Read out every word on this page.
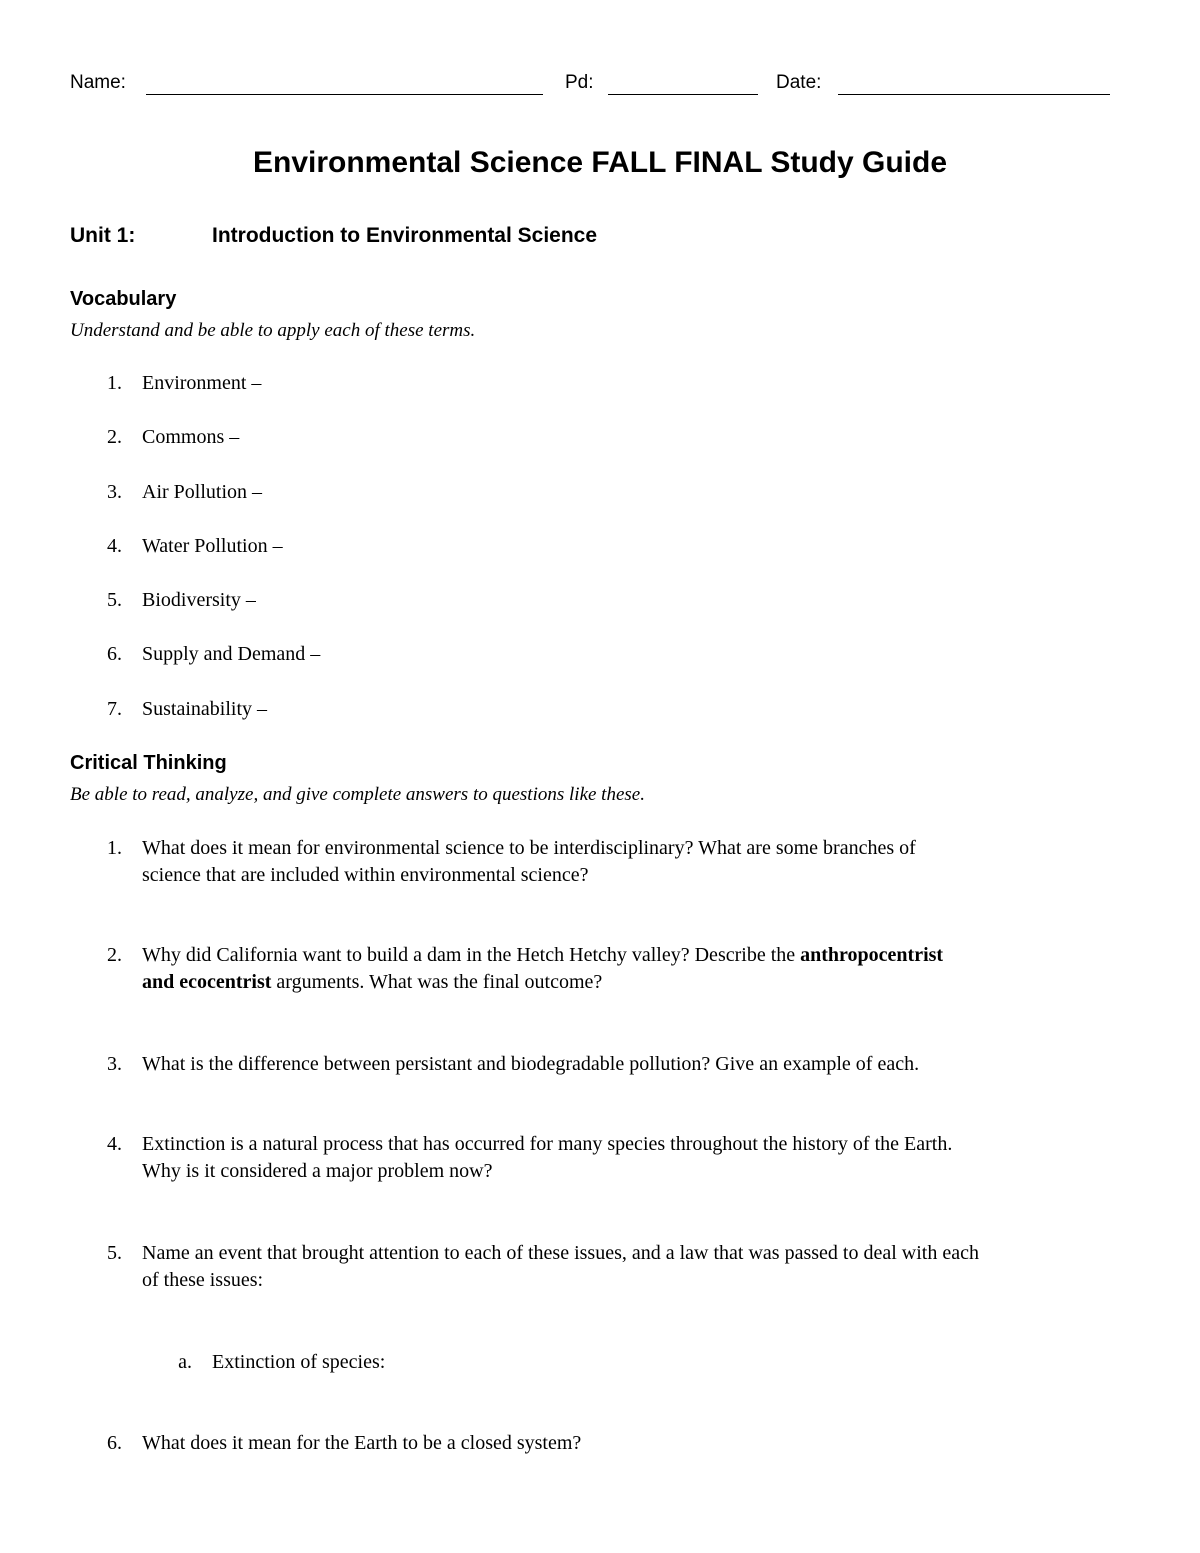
Name:	Pd:	Date:
Environmental Science FALL FINAL Study Guide
Unit 1:	Introduction to Environmental Science
Vocabulary
Understand and be able to apply each of these terms.
1. Environment –
2. Commons –
3. Air Pollution –
4. Water Pollution –
5. Biodiversity –
6. Supply and Demand –
7. Sustainability –
Critical Thinking
Be able to read, analyze, and give complete answers to questions like these.
1. What does it mean for environmental science to be interdisciplinary? What are some branches of
science that are included within environmental science?
2. Why did California want to build a dam in the Hetch Hetchy valley? Describe the anthropocentrist
and ecocentrist arguments. What was the final outcome?
3. What is the difference between persistant and biodegradable pollution? Give an example of each.
4. Extinction is a natural process that has occurred for many species throughout the history of the Earth.
Why is it considered a major problem now?
5. Name an event that brought attention to each of these issues, and a law that was passed to deal with each
of these issues:
a. Extinction of species:
6. What does it mean for the Earth to be a closed system?
